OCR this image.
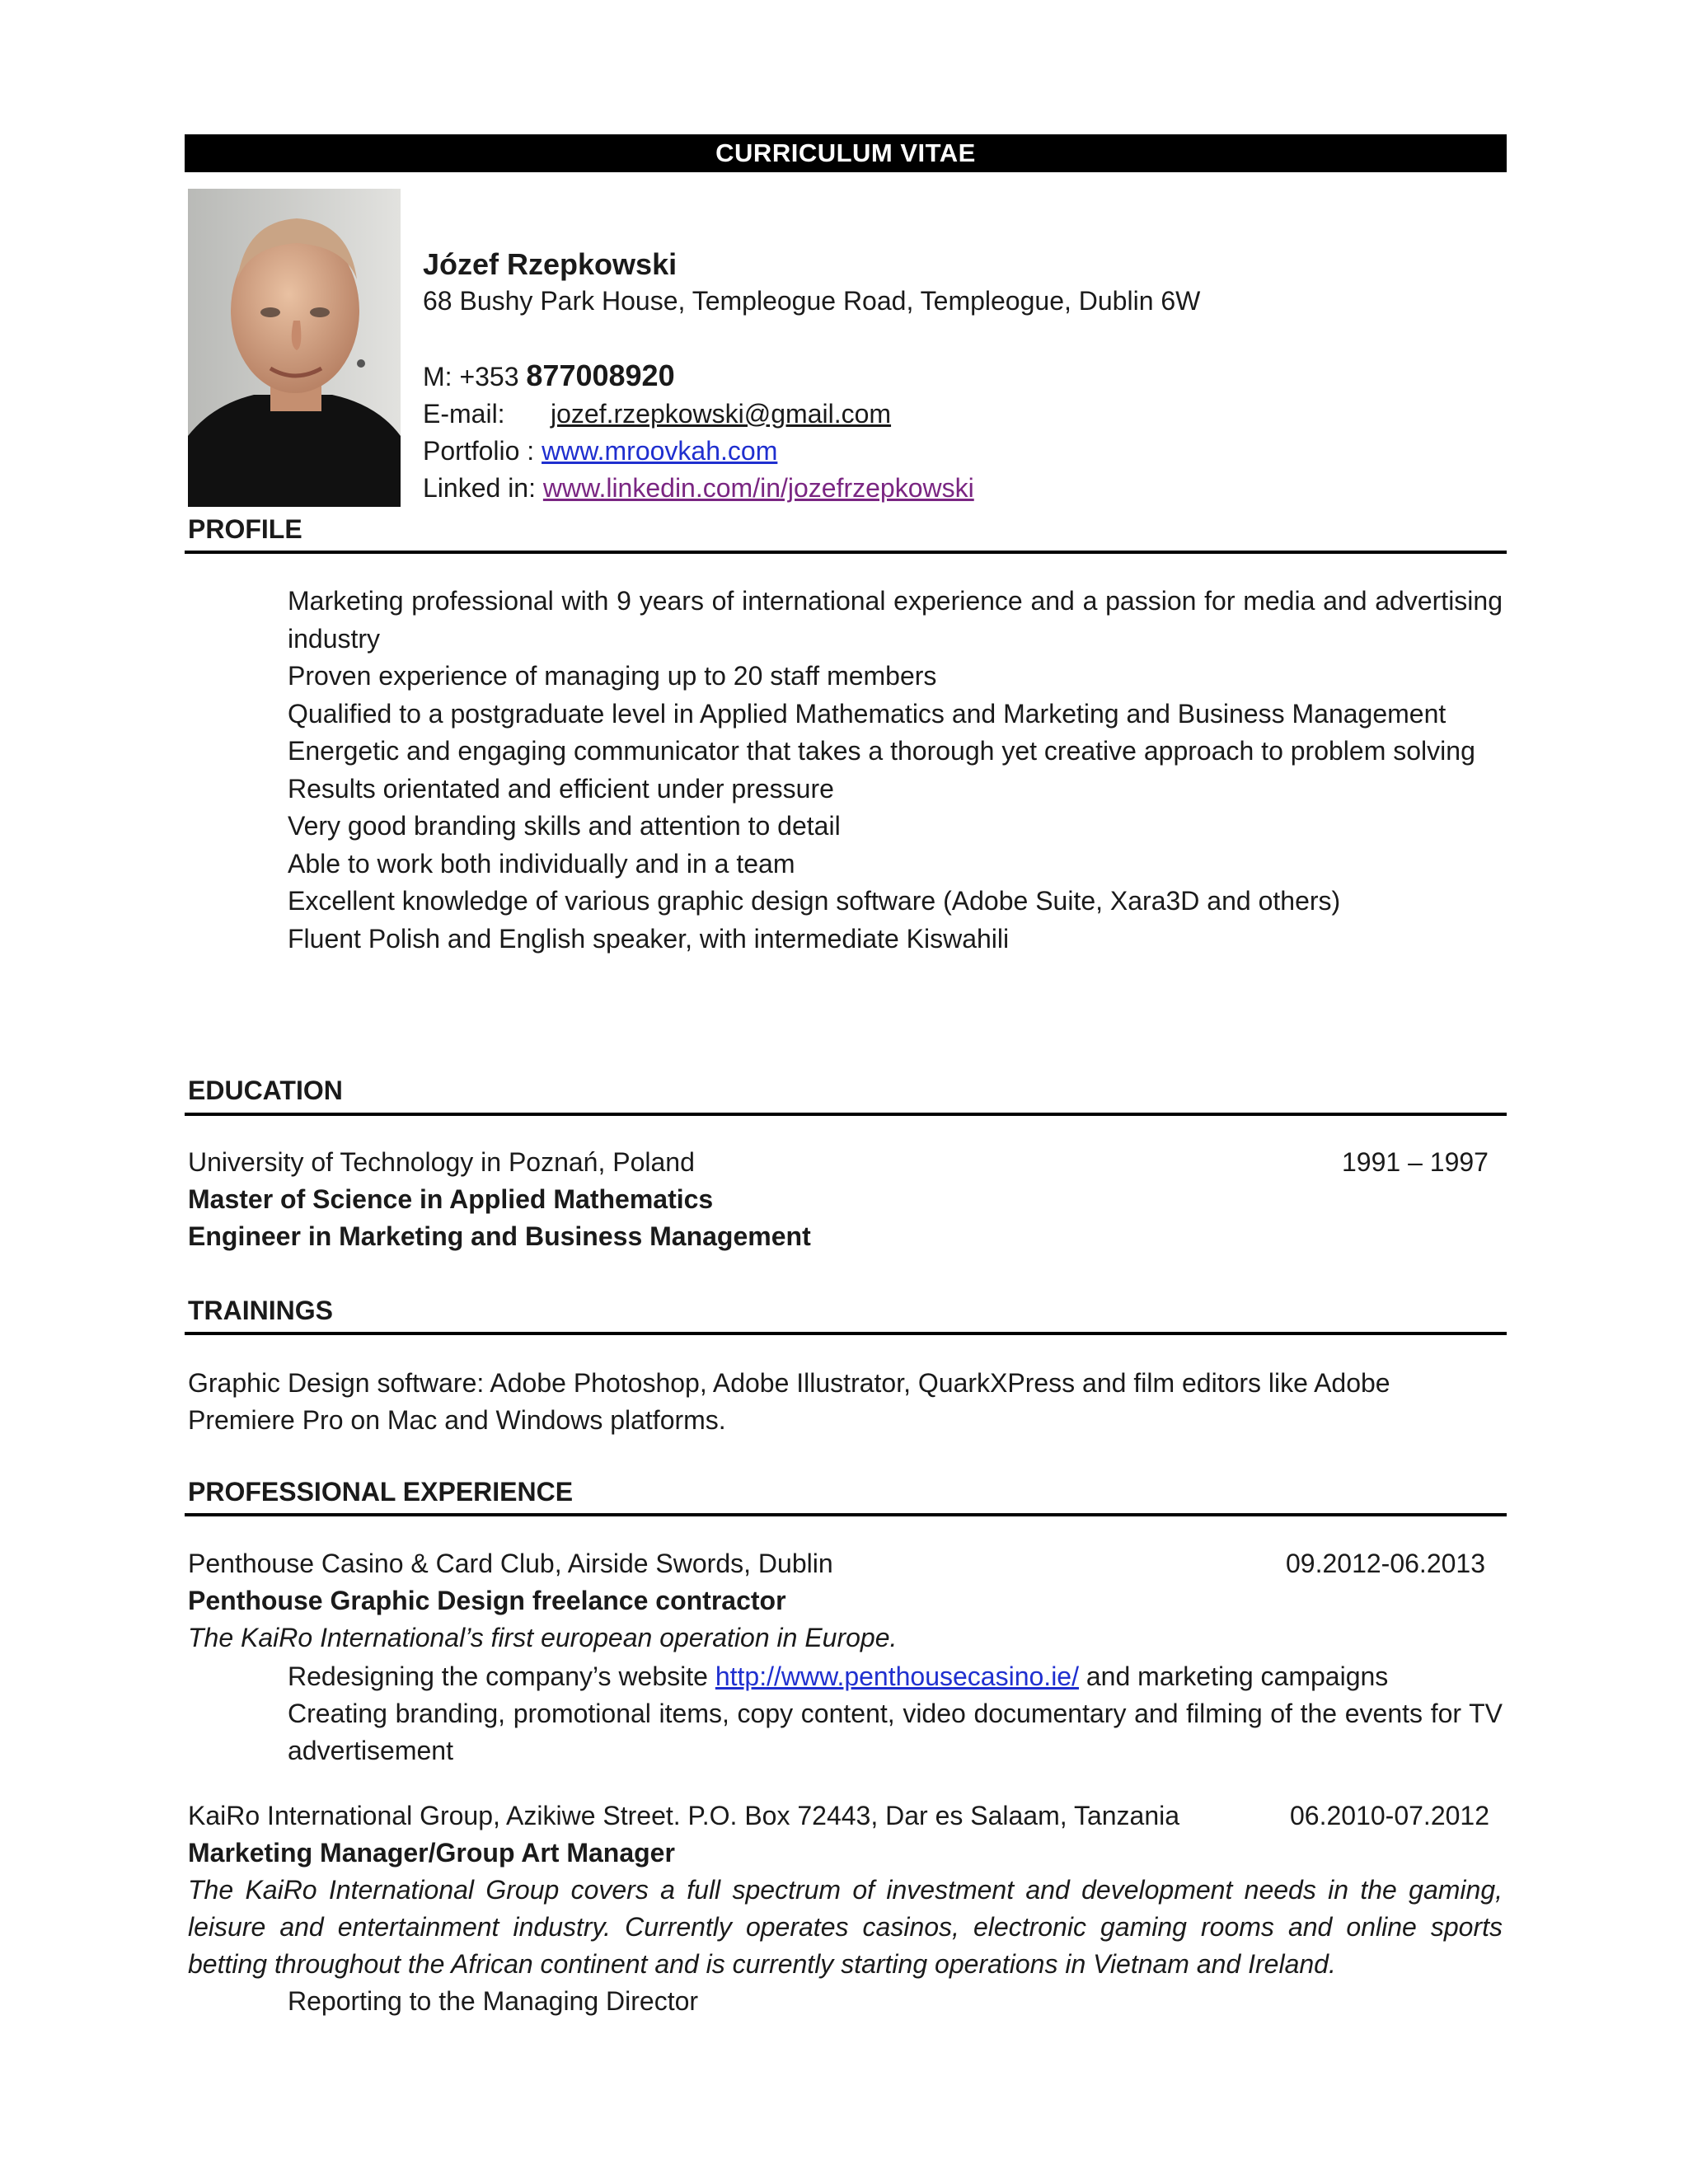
CURRICULUM VITAE
Józef Rzepkowski
68 Bushy Park House, Templeogue Road, Templeogue, Dublin 6W
M: +353 877008920
E-mail: jozef.rzepkowski@gmail.com
Portfolio : www.mroovkah.com
Linked in: www.linkedin.com/in/jozefrzepkowski
PROFILE
Marketing professional with 9 years of international experience and a passion for media and advertising industry
Proven experience of managing up to 20 staff members
Qualified to a postgraduate level in Applied Mathematics and Marketing and Business Management
Energetic and engaging communicator that takes a thorough yet creative approach to problem solving
Results orientated and efficient under pressure
Very good branding skills and attention to detail
Able to work both individually and in a team
Excellent knowledge of various graphic design software (Adobe Suite, Xara3D and others)
Fluent Polish and English speaker, with intermediate Kiswahili
EDUCATION
University of Technology in Poznań, Poland
Master of Science in Applied Mathematics
Engineer in Marketing and Business Management
1991 – 1997
TRAININGS
Graphic Design software: Adobe Photoshop, Adobe Illustrator, QuarkXPress and film editors like Adobe Premiere Pro on Mac and Windows platforms.
PROFESSIONAL EXPERIENCE
Penthouse Casino & Card Club, Airside Swords, Dublin
Penthouse Graphic Design freelance contractor
The KaiRo International’s first european operation in Europe.
09.2012-06.2013
Redesigning the company’s website http://www.penthousecasino.ie/ and marketing campaigns
Creating branding, promotional items, copy content, video documentary and filming of the events for TV advertisement
KaiRo International Group, Azikiwe Street. P.O. Box 72443, Dar es Salaam, Tanzania
Marketing Manager/Group Art Manager
The KaiRo International Group covers a full spectrum of investment and development needs in the gaming, leisure and entertainment industry. Currently operates casinos, electronic gaming rooms and online sports betting throughout the African continent and is currently starting operations in Vietnam and Ireland.
06.2010-07.2012
Reporting to the Managing Director
